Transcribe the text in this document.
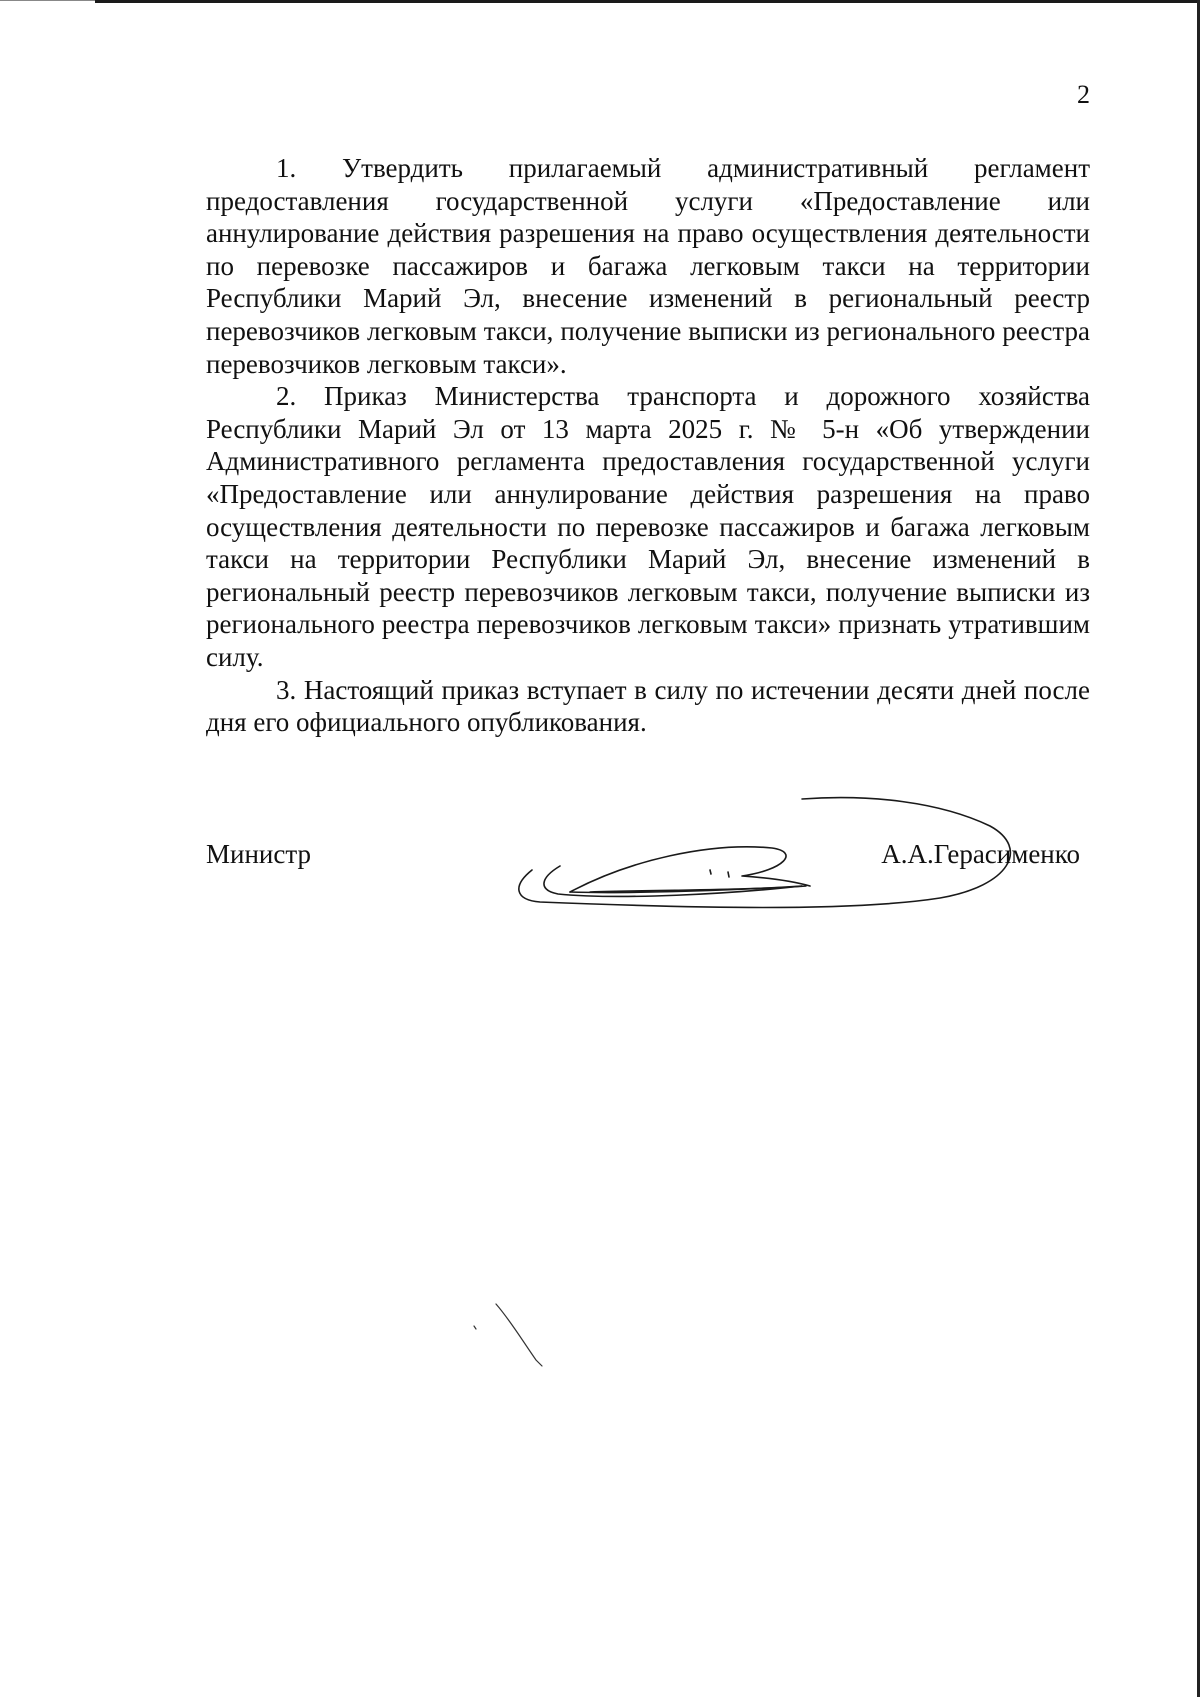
2

1. Утвердить прилагаемый административный регламент предоставления государственной услуги «Предоставление или аннулирование действия разрешения на право осуществления деятельности по перевозке пассажиров и багажа легковым такси на территории Республики Марий Эл, внесение изменений в региональный реестр перевозчиков легковым такси, получение выписки из регионального реестра перевозчиков легковым такси».

2. Приказ Министерства транспорта и дорожного хозяйства Республики Марий Эл от 13 марта 2025 г. № 5-н «Об утверждении Административного регламента предоставления государственной услуги «Предоставление или аннулирование действия разрешения на право осуществления деятельности по перевозке пассажиров и багажа легковым такси на территории Республики Марий Эл, внесение изменений в региональный реестр перевозчиков легковым такси, получение выписки из регионального реестра перевозчиков легковым такси» признать утратившим силу.

3. Настоящий приказ вступает в силу по истечении десяти дней после дня его официального опубликования.

Министр	А.А.Герасименко
